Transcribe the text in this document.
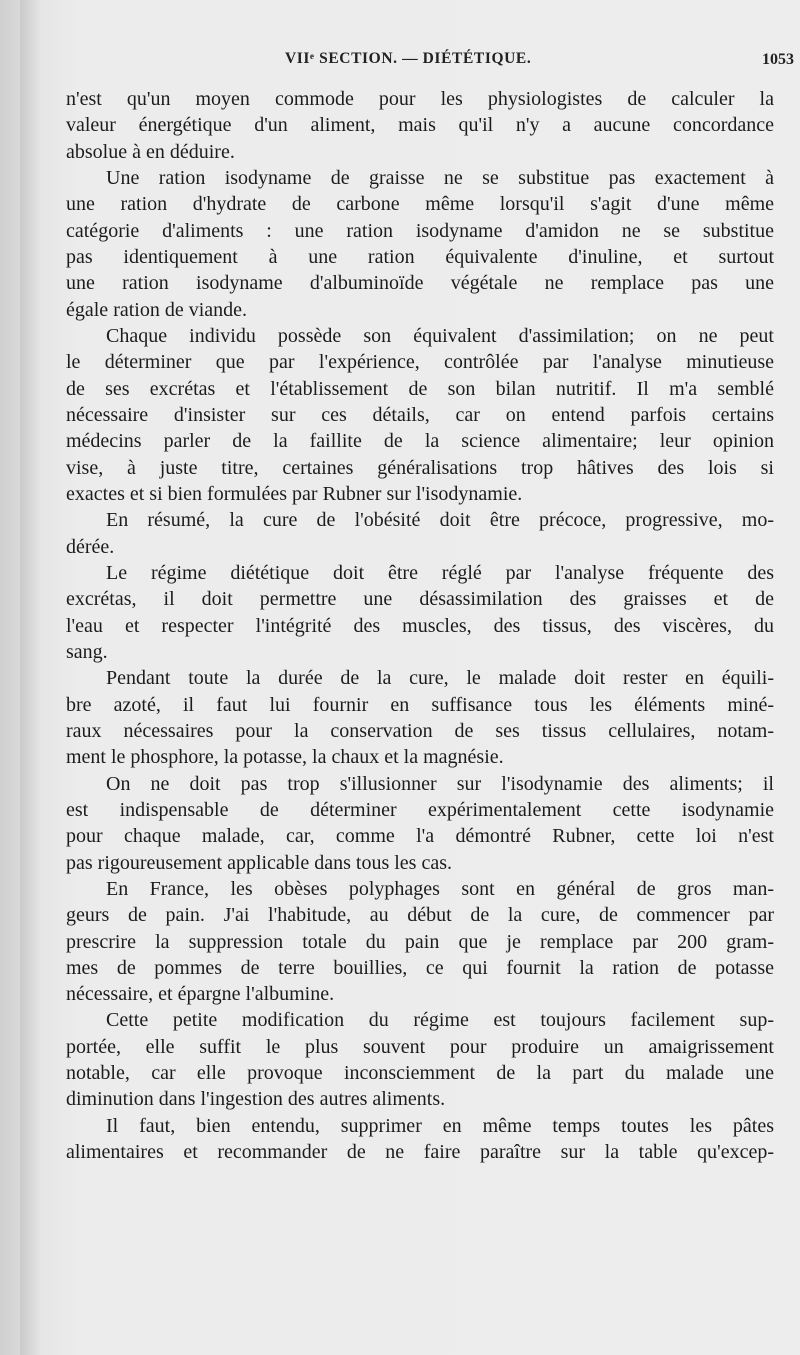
VIIᵉ SECTION. — DIÉTÉTIQUE.	1053
n'est qu'un moyen commode pour les physiologistes de calculer la
valeur énergétique d'un aliment, mais qu'il n'y a aucune concordance
absolue à en déduire.
Une ration isodyname de graisse ne se substitue pas exactement à
une ration d'hydrate de carbone même lorsqu'il s'agit d'une même
catégorie d'aliments : une ration isodyname d'amidon ne se substitue
pas identiquement à une ration équivalente d'inuline, et surtout
une ration isodyname d'albuminoïde végétale ne remplace pas une
égale ration de viande.
Chaque individu possède son équivalent d'assimilation; on ne peut
le déterminer que par l'expérience, contrôlée par l'analyse minutieuse
de ses excrétas et l'établissement de son bilan nutritif. Il m'a semblé
nécessaire d'insister sur ces détails, car on entend parfois certains
médecins parler de la faillite de la science alimentaire; leur opinion
vise, à juste titre, certaines généralisations trop hâtives des lois si
exactes et si bien formulées par Rubner sur l'isodynamie.
En résumé, la cure de l'obésité doit être précoce, progressive, mo-
dérée.
Le régime diététique doit être réglé par l'analyse fréquente des
excrétas, il doit permettre une désassimilation des graisses et de
l'eau et respecter l'intégrité des muscles, des tissus, des viscères, du
sang.
Pendant toute la durée de la cure, le malade doit rester en équili-
bre azoté, il faut lui fournir en suffisance tous les éléments miné-
raux nécessaires pour la conservation de ses tissus cellulaires, notam-
ment le phosphore, la potasse, la chaux et la magnésie.
On ne doit pas trop s'illusionner sur l'isodynamie des aliments; il
est indispensable de déterminer expérimentalement cette isodynamie
pour chaque malade, car, comme l'a démontré Rubner, cette loi n'est
pas rigoureusement applicable dans tous les cas.
En France, les obèses polyphages sont en général de gros man-
geurs de pain. J'ai l'habitude, au début de la cure, de commencer par
prescrire la suppression totale du pain que je remplace par 200 gram-
mes de pommes de terre bouillies, ce qui fournit la ration de potasse
nécessaire, et épargne l'albumine.
Cette petite modification du régime est toujours facilement sup-
portée, elle suffit le plus souvent pour produire un amaigrissement
notable, car elle provoque inconsciemment de la part du malade une
diminution dans l'ingestion des autres aliments.
Il faut, bien entendu, supprimer en même temps toutes les pâtes
alimentaires et recommander de ne faire paraître sur la table qu'excep-
